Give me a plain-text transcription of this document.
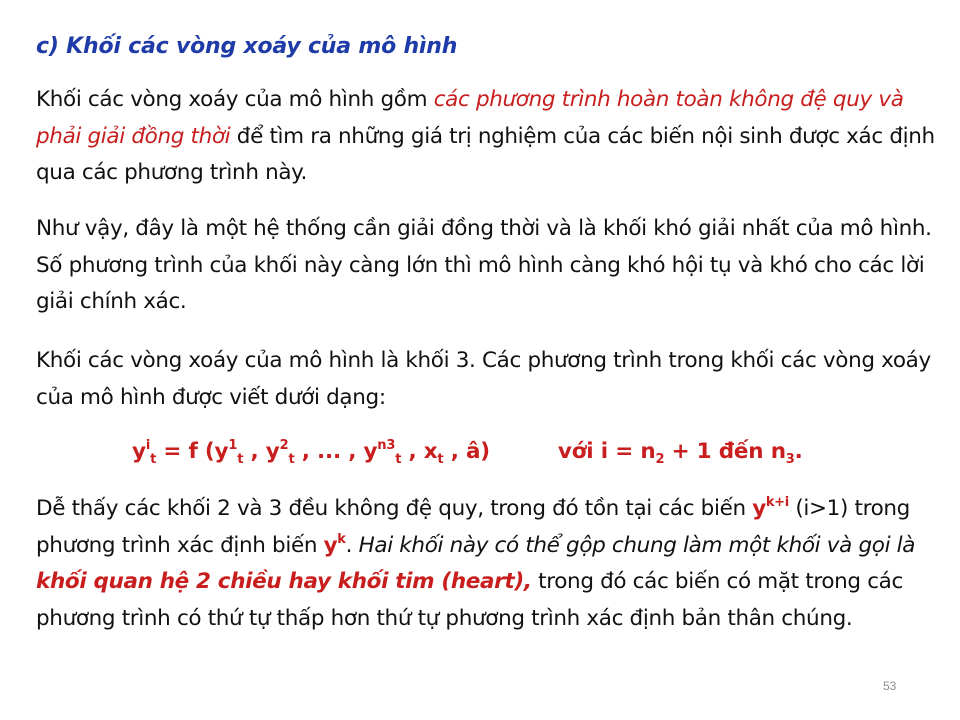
c) Khối các vòng xoáy của mô hình
Khối các vòng xoáy của mô hình gồm các phương trình hoàn toàn không đệ quy và phải giải đồng thời để tìm ra những giá trị nghiệm của các biến nội sinh được xác định qua các phương trình này.
Như vậy, đây là một hệ thống cần giải đồng thời và là khối khó giải nhất của mô hình. Số phương trình của khối này càng lớn thì mô hình càng khó hội tụ và khó cho các lời giải chính xác.
Khối các vòng xoáy của mô hình là khối 3. Các phương trình trong khối các vòng xoáy của mô hình được viết dưới dạng:
$y^i_t = f$ ($y^1_t$ , $y^2_t$ , ... , $y^{n3}_t$ , $x_t$ , â)	với $i = n_2 + 1$ đến $n_3$.
Dễ thấy các khối 2 và 3 đều không đệ quy, trong đó tồn tại các biến $y^{k+i}$ (i>1) trong phương trình xác định biến $y^k$. Hai khối này có thể gộp chung làm một khối và gọi là khối quan hệ 2 chiều hay khối tim (heart), trong đó các biến có mặt trong các phương trình có thứ tự thấp hơn thứ tự phương trình xác định bản thân chúng.
53
